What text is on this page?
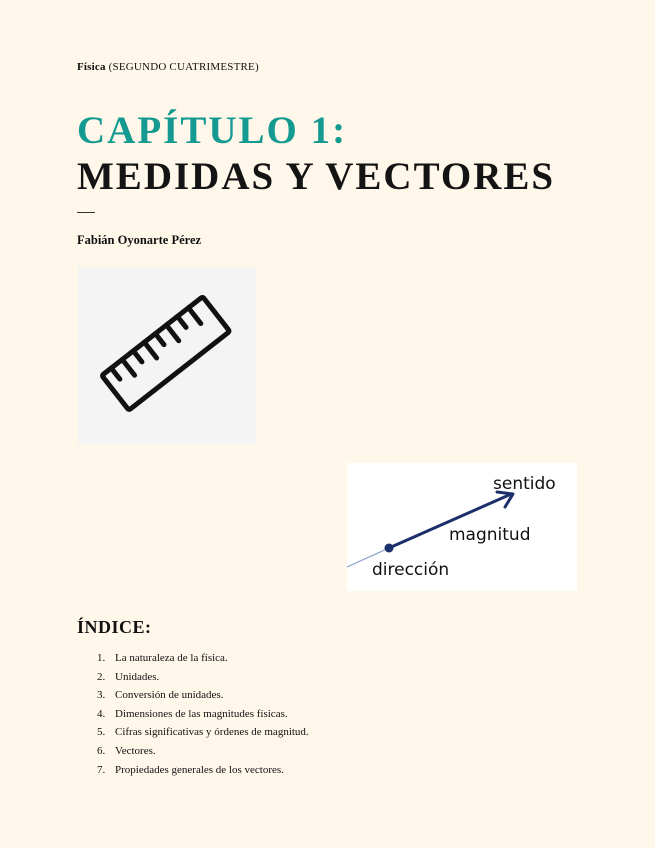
Física (SEGUNDO CUATRIMESTRE)
CAPÍTULO 1:
MEDIDAS Y VECTORES
Fabián Oyonarte Pérez
sentido
magnitud
dirección
ÍNDICE:
1. La naturaleza de la física.
2. Unidades.
3. Conversión de unidades.
4. Dimensiones de las magnitudes físicas.
5. Cifras significativas y órdenes de magnitud.
6. Vectores.
7. Propiedades generales de los vectores.
